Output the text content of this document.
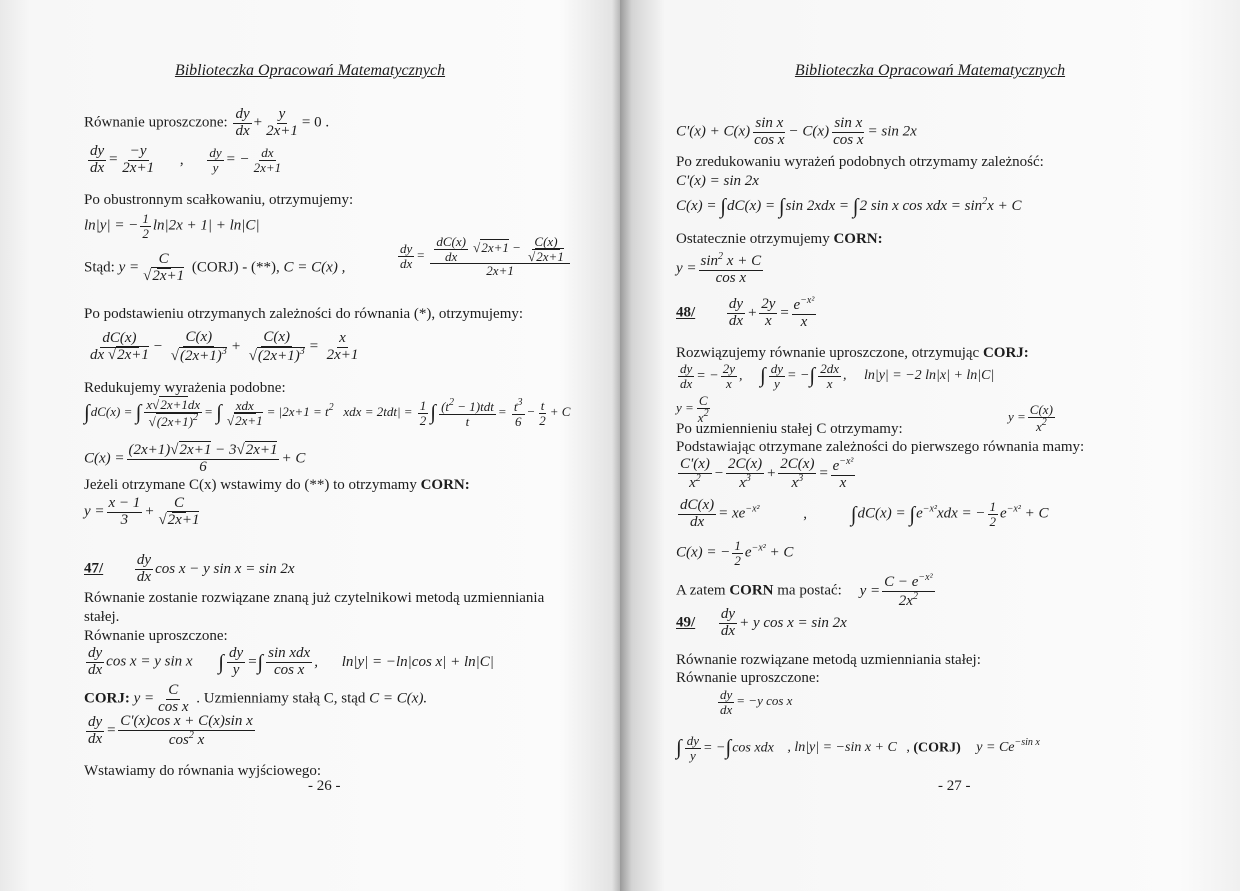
Biblioteczka Opracowań Matematycznych
Równanie uproszczone: $\frac{dy}{dx} + \frac{y}{2x+1} = 0$ .
$\frac{dy}{dx} = \frac{-y}{2x+1}$ , $\frac{dy}{y}$ = − $\frac{dx}{2x+1}$
Po obustronnym scałkowaniu, otrzymujemy:
ln|y| = − $\frac{1}{2} \ln|2x + 1| + \ln|C|$
Stąd: $y = \frac{C}{√2x+1}$ (CORJ) - (**), C = C(x) ,	$\frac{dy}{dx} = \frac{\frac{dC(x)}{dx} √2x+1 - \frac{C(x)}{√2x+1}}{2x+1}$
Po podstawieniu otrzymanych zależności do równania (*), otrzymujemy:
$\frac{dC(x)}{dx √2x+1} - \frac{C(x)}{√(2x+1)^3} + \frac{C(x)}{√(2x+1)^3} = \frac{x}{2x+1}$
Redukujemy wyrażenia podobne:
∫dC(x) = ∫ $\frac{x√2x+1dx}{√(2x+1)^2}$ = ∫ $\frac{\text{xdx}}{√2x+1} = |2x+1 = t^2$   xdx = $2tdt| = \frac{1}{2}$ ∫ $\frac{(t^2 - 1)tdt}{t} = \frac{t^3}{6} - \frac{t}{2} + C$
$C(x) = \frac{(2x+1)√2x+1 - 3√2x+1}{6} + C$
Jeżeli otrzymane C(x) wstawimy do (**) to otrzymamy CORN:
$y = \frac{x - 1}{3} + \frac{C}{√2x+1}$
$47/ \frac{dy}{dx}$ cos x − y sin x = sin 2x
Równanie zostanie rozwiązane znaną już czytelnikowi metodą uzmienniania
stałej.
Równanie uproszczone:
$\frac{dy}{dx}$ cos x = y sin x ∫ $\frac{dy}{y}$ =∫ $\frac{\text{sin xdx}}{\text{cos x}}$ , ln|y| = −ln|cos x| + ln|C|
CORJ: $y = \frac{C}{\text{cos x}}$ . Uzmienniamy stałą C, stąd C = C(x).
$\frac{dy}{dx} = \frac{\text{C'(x)cos x + C(x)sin x}}{\cos^2 x}$
Wstawiamy do równania wyjściowego:
- 26 -
Biblioteczka Opracowań Matematycznych
$C'(x) + C(x) \frac{\text{sin x}}{\text{cos x}} - C(x) \frac{\text{sin x}}{\text{cos x}} = \sin 2x$
Po zredukowaniu wyrażeń podobnych otrzymamy zależność:
C'(x) = sin 2x
C(x) = ∫dC(x) = ∫sin 2xdx = ∫2 sin x cos xdx = $\sin^2x + C$
Ostatecznie otrzymujemy CORN:
$y = \frac{\sin^2 x + C}{\text{cos x}}$
$48/ \frac{dy}{dx} + \frac{2y}{x} = \frac{e^{-x^2}}{x}$
Rozwiązujemy równanie uproszczone, otrzymując CORJ:
$\frac{dy}{dx}$ = − $\frac{2y}{x}$ , ∫ $\frac{dy}{y}$ = −∫ $\frac{2dx}{x}$ , ln|y| = −2 ln|x| + ln|C|
$y = \frac{C}{x^2}$
Po uzmiennieniu stałej C otrzymamy:
$y = \frac{C(x)}{x^2}$
Podstawiając otrzymane zależności do pierwszego równania mamy:
$\frac{C'(x)}{x^2} - \frac{2C(x)}{x^3} + \frac{2C(x)}{x^3} = \frac{e^{-x^2}}{x}$
$\frac{dC(x)}{dx} = xe^{-x^2}$	, $\int dC(x) = \int e^{-x^2}xdx$ = − $\frac{1}{2} e^{-x^2} + C$
C(x) = − $\frac{1}{2} e^{-x^2} + C$
A zatem CORN ma postać: $y = \frac{C - e^{-x^2}}{2x^2}$
$49/ \frac{dy}{dx} + y$ cos x = sin 2x
Równanie rozwiązane metodą uzmienniania stałej:
Równanie uproszczone:
$\frac{dy}{dx} = -y$ cos x
∫ $\frac{dy}{y} = -\int\cos$ xdx , ln|y| = −sin x + C , (CORJ) $y = Ce^{-sin x}$
- 27 -
